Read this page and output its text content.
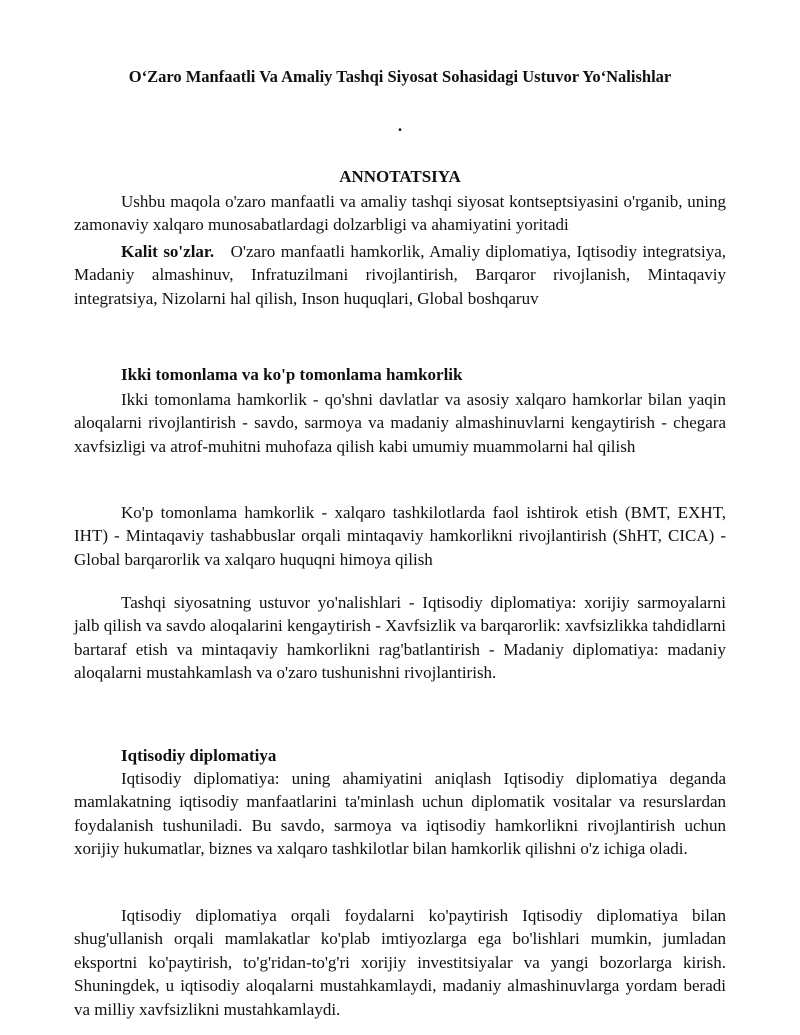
O‘Zaro Manfaatli Va Amaliy Tashqi Siyosat Sohasidagi Ustuvor Yo‘Nalishlar
.
ANNOTATSIYA

Ushbu maqola o'zaro manfaatli va amaliy tashqi siyosat kontseptsiyasini o'rganib, uning zamonaviy xalqaro munosabatlardagi dolzarbligi va ahamiyatini yoritadi

Kalit so'zlar. O'zaro manfaatli hamkorlik, Amaliy diplomatiya, Iqtisodiy integratsiya, Madaniy almashinuv, Infratuzilmani rivojlantirish, Barqaror rivojlanish, Mintaqaviy integratsiya, Nizolarni hal qilish, Inson huquqlari, Global boshqaruv

Ikki tomonlama va ko'p tomonlama hamkorlik

Ikki tomonlama hamkorlik - qo'shni davlatlar va asosiy xalqaro hamkorlar bilan yaqin aloqalarni rivojlantirish - savdo, sarmoya va madaniy almashinuvlarni kengaytirish - chegara xavfsizligi va atrof-muhitni muhofaza qilish kabi umumiy muammolarni hal qilish

Ko'p tomonlama hamkorlik - xalqaro tashkilotlarda faol ishtirok etish (BMT, EXHT, IHT) - Mintaqaviy tashabbuslar orqali mintaqaviy hamkorlikni rivojlantirish (ShHT, CICA) - Global barqarorlik va xalqaro huquqni himoya qilish

Tashqi siyosatning ustuvor yo'nalishlari - Iqtisodiy diplomatiya: xorijiy sarmoyalarni jalb qilish va savdo aloqalarini kengaytirish - Xavfsizlik va barqarorlik: xavfsizlikka tahdidlarni bartaraf etish va mintaqaviy hamkorlikni rag'batlantirish - Madaniy diplomatiya: madaniy aloqalarni mustahkamlash va o'zaro tushunishni rivojlantirish.

Iqtisodiy diplomatiya

Iqtisodiy diplomatiya: uning ahamiyatini aniqlash Iqtisodiy diplomatiya deganda mamlakatning iqtisodiy manfaatlarini ta'minlash uchun diplomatik vositalar va resurslardan foydalanish tushuniladi. Bu savdo, sarmoya va iqtisodiy hamkorlikni rivojlantirish uchun xorijiy hukumatlar, biznes va xalqaro tashkilotlar bilan hamkorlik qilishni o'z ichiga oladi.

Iqtisodiy diplomatiya orqali foydalarni ko'paytirish Iqtisodiy diplomatiya bilan shug'ullanish orqali mamlakatlar ko'plab imtiyozlarga ega bo'lishlari mumkin, jumladan eksportni ko'paytirish, to'g'ridan-to'g'ri xorijiy investitsiyalar va yangi bozorlarga kirish. Shuningdek, u iqtisodiy aloqalarni mustahkamlaydi, madaniy almashinuvlarga yordam beradi va milliy xavfsizlikni mustahkamlaydi.
